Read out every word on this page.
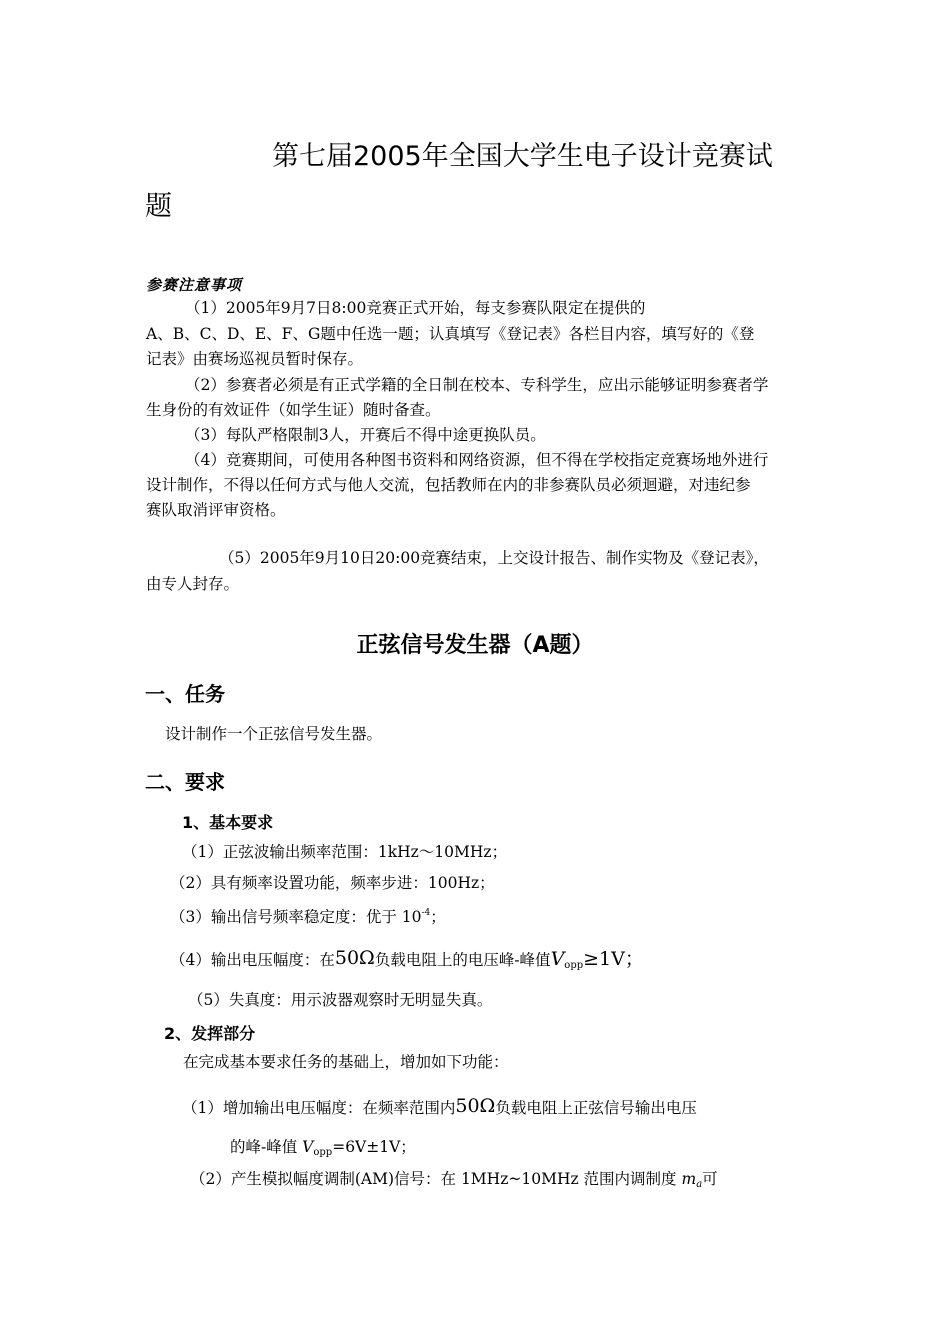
第七届2005年全国大学生电子设计竞赛试
题
参赛注意事项
（1）2005年9月7日8:00竞赛正式开始，每支参赛队限定在提供的
A、B、C、D、E、F、G题中任选一题；认真填写《登记表》各栏目内容，填写好的《登
记表》由赛场巡视员暂时保存。
（2）参赛者必须是有正式学籍的全日制在校本、专科学生，应出示能够证明参赛者学
生身份的有效证件（如学生证）随时备查。
（3）每队严格限制3人，开赛后不得中途更换队员。
（4）竞赛期间，可使用各种图书资料和网络资源，但不得在学校指定竞赛场地外进行
设计制作，不得以任何方式与他人交流，包括教师在内的非参赛队员必须迴避，对违纪参
赛队取消评审资格。
（5）2005年9月10日20:00竞赛结束，上交设计报告、制作实物及《登记表》，
由专人封存。
正弦信号发生器（A题）
一、任务
设计制作一个正弦信号发生器。
二、要求
1、基本要求
（1）正弦波输出频率范围：1kHz～10MHz；
（2）具有频率设置功能，频率步进：100Hz；
（3）输出信号频率稳定度：优于 $10^{-4}$；
（4）输出电压幅度：在50Ω负载电阻上的电压峰-峰值$V_{opp}\ge 1V$；
（5）失真度：用示波器观察时无明显失真。
2、发挥部分
在完成基本要求任务的基础上，增加如下功能：
（1）增加输出电压幅度：在频率范围内50Ω负载电阻上正弦信号输出电压
的峰-峰值 $V_{opp}=6V\pm 1V$；
（2）产生模拟幅度调制(AM)信号：在 1MHz~10MHz 范围内调制度 $m_a$可
